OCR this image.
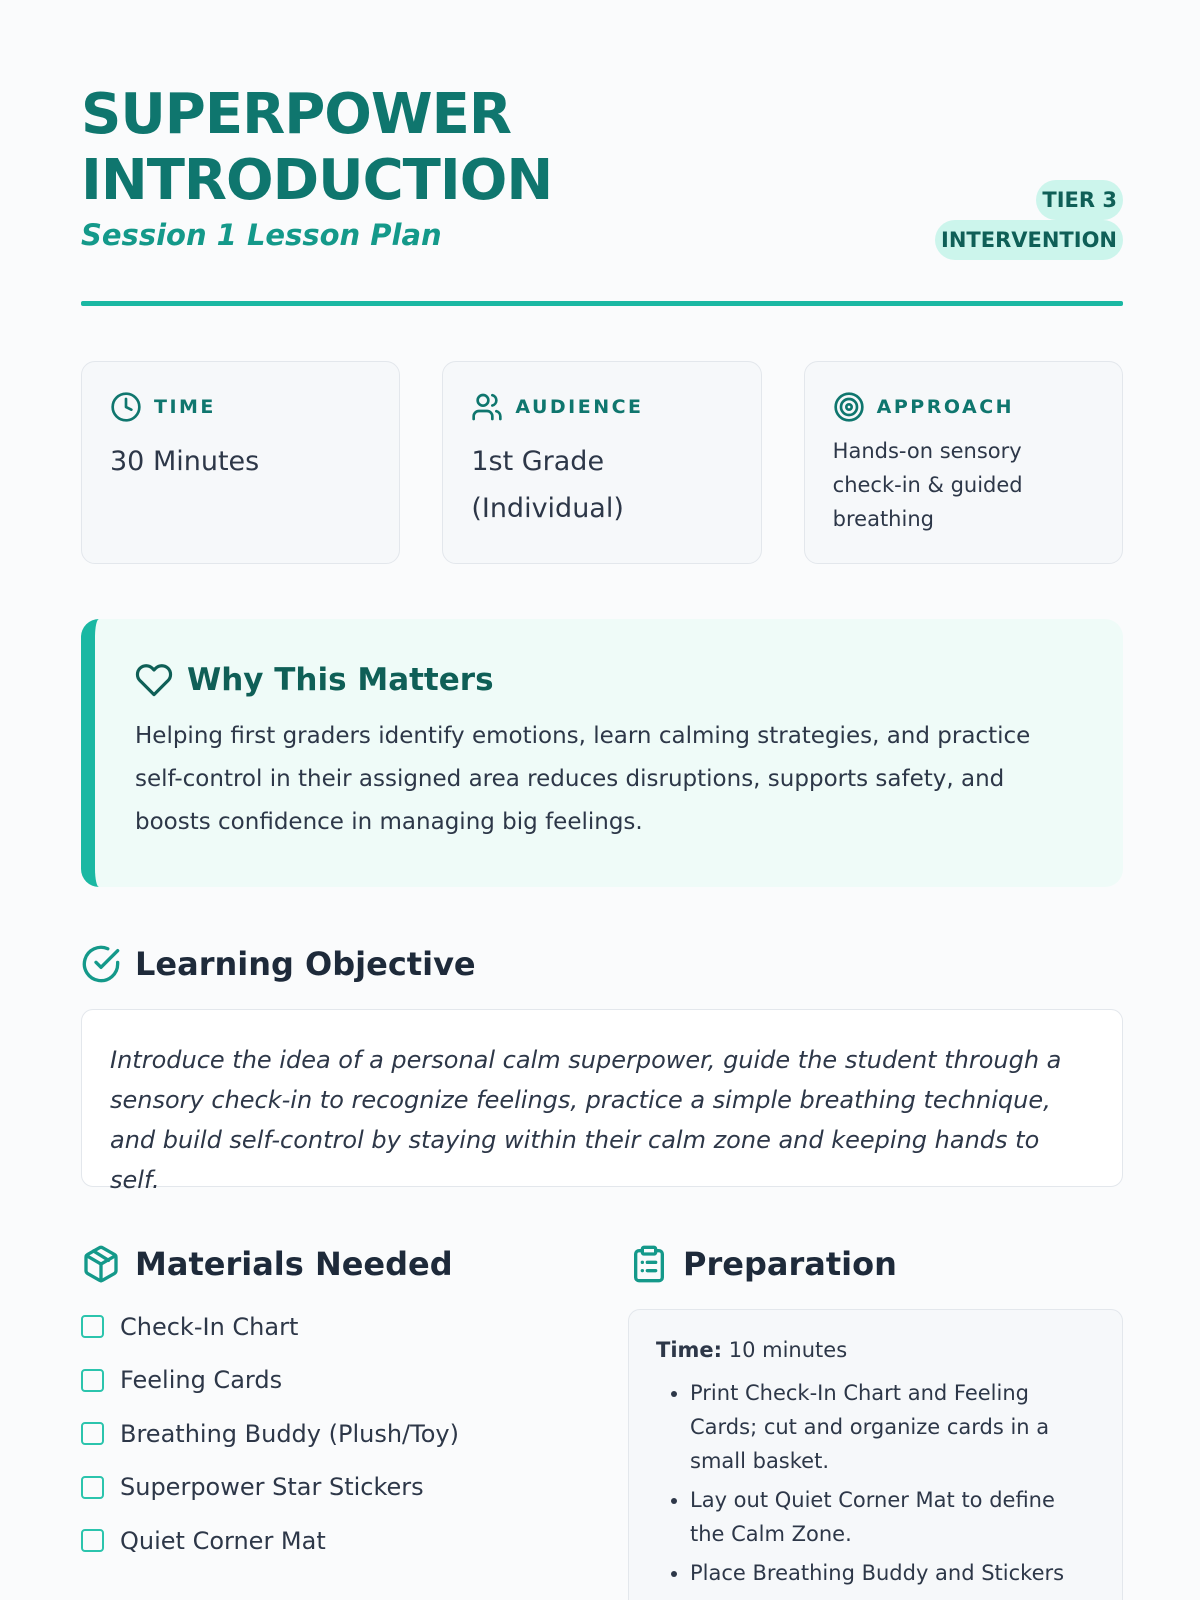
SUPERPOWER INTRODUCTION
Session 1 Lesson Plan
TIER 3 INTERVENTION
TIME
30 Minutes
AUDIENCE
1st Grade (Individual)
APPROACH
Hands-on sensory check-in & guided breathing
Why This Matters

Helping first graders identify emotions, learn calming strategies, and practice self-control in their assigned area reduces disruptions, supports safety, and boosts confidence in managing big feelings.

Learning Objective

Introduce the idea of a personal calm superpower, guide the student through a sensory check-in to recognize feelings, practice a simple breathing technique, and build self-control by staying within their calm zone and keeping hands to self.

Materials Needed
Check-In Chart
Feeling Cards
Breathing Buddy (Plush/Toy)
Superpower Star Stickers
Quiet Corner Mat
Preparation

Time: 10 minutes

• Print Check-In Chart and Feeling Cards; cut and organize cards in a small basket.
• Lay out Quiet Corner Mat to define the Calm Zone.
• Place Breathing Buddy and Stickers
